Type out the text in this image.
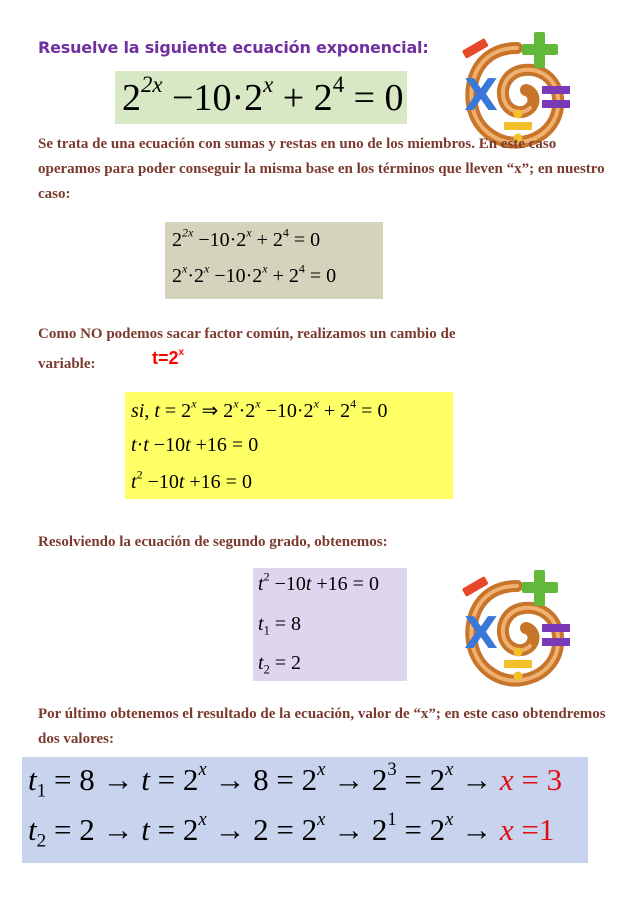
Resuelve la siguiente ecuación exponencial:
$2^{2x} -10\cdot 2^x + 2^4 = 0$ X
Se trata de una ecuación con sumas y restas en uno de los miembros. En este caso operamos para poder conseguir la misma base en los términos que lleven “x”; en nuestro caso:
$2^{2x} -10\cdot 2^x + 2^4 = 0$
$2^x\cdot 2^x -10\cdot 2^x + 2^4 = 0$
Como NO podemos sacar factor común, realizamos un cambio de
variable:	$t=2^x$
si, $t = 2^x$ ⇒ $2^x\cdot 2^x -10\cdot 2^x + 2^4 = 0$
t·t −10t +16 = 0
$t^2 -10t +16 = 0$
Resolviendo la ecuación de segundo grado, obtenemos:
$t^2 -10t +16 = 0$
$t_1 = 8$
$t_2 = 2$
X
Por último obtenemos el resultado de la ecuación, valor de “x”; en este caso obtendremos dos valores:
$t_1 = 8 \to t = 2^x \to 8 = 2^x \to 2^3 = 2^x \to x = 3$
$t_2 = 2 \to t = 2^x \to 2 = 2^x \to 2^1 = 2^x \to x =1$
